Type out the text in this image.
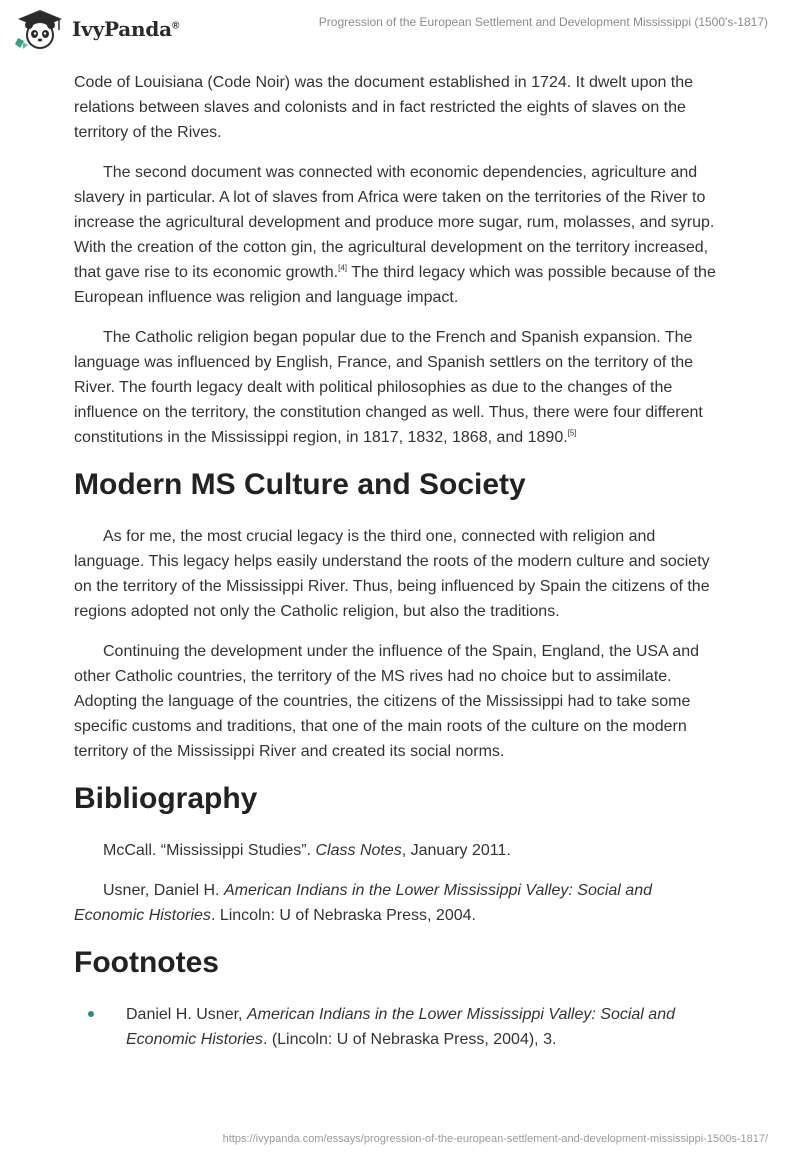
IvyPanda®	Progression of the European Settlement and Development Mississippi (1500's-1817)

Code of Louisiana (Code Noir) was the document established in 1724. It dwelt upon the relations between slaves and colonists and in fact restricted the eights of slaves on the territory of the Rives.

The second document was connected with economic dependencies, agriculture and slavery in particular. A lot of slaves from Africa were taken on the territories of the River to increase the agricultural development and produce more sugar, rum, molasses, and syrup. With the creation of the cotton gin, the agricultural development on the territory increased, that gave rise to its economic growth.[4] The third legacy which was possible because of the European influence was religion and language impact.

The Catholic religion began popular due to the French and Spanish expansion. The language was influenced by English, France, and Spanish settlers on the territory of the River. The fourth legacy dealt with political philosophies as due to the changes of the influence on the territory, the constitution changed as well. Thus, there were four different constitutions in the Mississippi region, in 1817, 1832, 1868, and 1890.[5]

Modern MS Culture and Society

As for me, the most crucial legacy is the third one, connected with religion and language. This legacy helps easily understand the roots of the modern culture and society on the territory of the Mississippi River. Thus, being influenced by Spain the citizens of the regions adopted not only the Catholic religion, but also the traditions.

Continuing the development under the influence of the Spain, England, the USA and other Catholic countries, the territory of the MS rives had no choice but to assimilate. Adopting the language of the countries, the citizens of the Mississippi had to take some specific customs and traditions, that one of the main roots of the culture on the modern territory of the Mississippi River and created its social norms.

Bibliography

McCall. “Mississippi Studies”. Class Notes, January 2011.

Usner, Daniel H. American Indians in the Lower Mississippi Valley: Social and Economic Histories. Lincoln: U of Nebraska Press, 2004.

Footnotes
Daniel H. Usner, American Indians in the Lower Mississippi Valley: Social and Economic Histories. (Lincoln: U of Nebraska Press, 2004), 3.
https://ivypanda.com/essays/progression-of-the-european-settlement-and-development-mississippi-1500s-1817/
